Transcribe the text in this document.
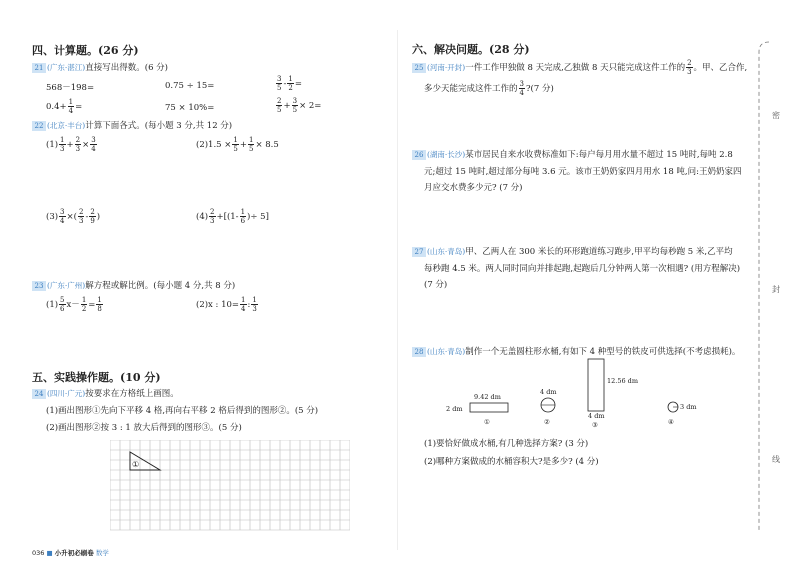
四、计算题。(26 分)
21 (广东·湛江)直接写出得数。(6 分)
568－198=	0.75 ÷ 15=	$\frac{3}{5} - \frac{1}{2}$ =
$0.4+ \frac{1}{4}$ =	75 × 10%=	$\frac{2}{5} + \frac{3}{5} \times 2=$
22 (北京·丰台)计算下面各式。(每小题 3 分,共 12 分)
$(1) \frac{1}{3} + \frac{2}{3} \times \frac{3}{4}$	$(2)1.5 \times \frac{1}{5} + \frac{1}{5} \times 8.5$
$(3) \frac{3}{4}$ ×( $\frac{2}{3} - \frac{2}{9}$ )	$(4) \frac{2}{3} +[(1- \frac{1}{6}$ )÷ 5]
23 (广东·广州)解方程或解比例。(每小题 4 分,共 8 分)
$(1) \frac{5}{6} x- \frac{1}{2} = \frac{1}{8}$	(2)x : $10= \frac{1}{4}$ : $\frac{1}{3}$
五、实践操作题。(10 分)
24 (四川·广元)按要求在方格纸上画图。
(1)画出图形①先向下平移 4 格,再向右平移 2 格后得到的图形②。(5 分)
(2)画出图形②按 3 : 1 放大后得到的图形③。(5 分)
①
036 ■ 小升初必刷卷 数学
六、解决问题。(28 分)
25 (河南·开封)一件工作甲独做 8 天完成,乙独做 8 天只能完成这件工作的 $\frac{2}{3}$ 。甲、乙合作,
多少天能完成这件工作的 $\frac{3}{4}$ ?(7 分)
26 (湖南·长沙)某市居民自来水收费标准如下:每户每月用水量不超过 15 吨时,每吨 2.8
元;超过 15 吨时,超过部分每吨 3.6 元。该市王奶奶家四月用水 18 吨,问:王奶奶家四
月应交水费多少元? (7 分)
27 (山东·青岛)甲、乙两人在 300 米长的环形跑道练习跑步,甲平均每秒跑 5 米,乙平均
每秒跑 4.5 米。两人同时同向并排起跑,起跑后几分钟两人第一次相遇? (用方程解决)
(7 分)
28 (山东·青岛)制作一个无盖圆柱形水桶,有如下 4 种型号的铁皮可供选择(不考虑损耗)。
9.42 dm
2 dm
①
4 dm
②
12.56 dm
4 dm
③
3 dm
④
(1)要恰好做成水桶,有几种选择方案? (3 分)
(2)哪种方案做成的水桶容积大?是多少? (4 分)
密
封
线
